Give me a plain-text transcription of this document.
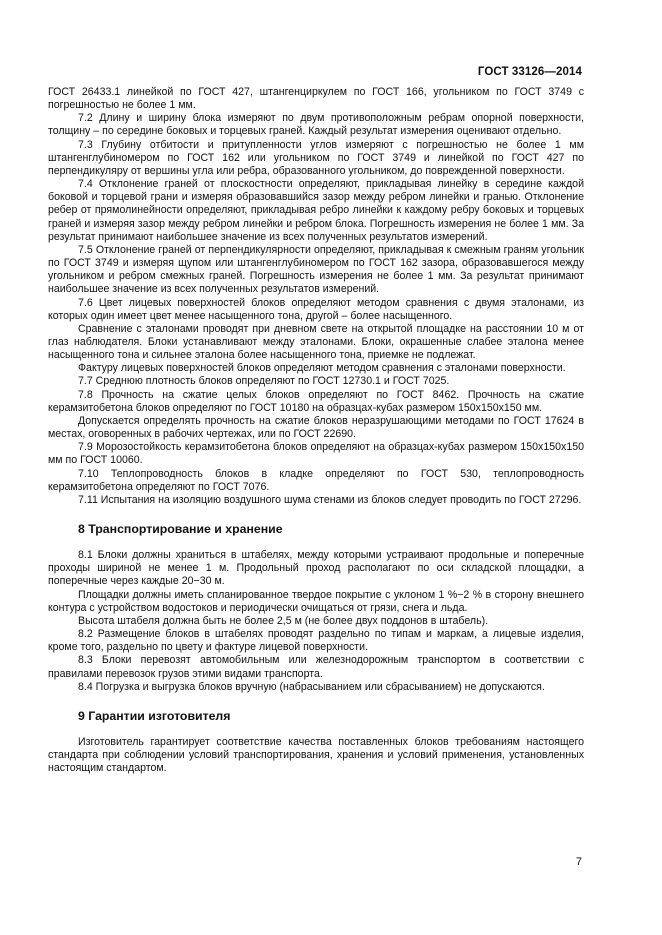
ГОСТ 33126—2014

ГОСТ 26433.1 линейкой по ГОСТ 427, штангенциркулем по ГОСТ 166, угольником по ГОСТ 3749 с погрешностью не более 1 мм.

7.2 Длину и ширину блока измеряют по двум противоположным ребрам опорной поверхности, толщину – по середине боковых и торцевых граней. Каждый результат измерения оценивают отдельно.

7.3 Глубину отбитости и притупленности углов измеряют с погрешностью не более 1 мм штангенглубиномером по ГОСТ 162 или угольником по ГОСТ 3749 и линейкой по ГОСТ 427 по перпендикуляру от вершины угла или ребра, образованного угольником, до поврежденной поверхности.

7.4 Отклонение граней от плоскостности определяют, прикладывая линейку в середине каждой боковой и торцевой грани и измеряя образовавшийся зазор между ребром линейки и гранью. Отклонение ребер от прямолинейности определяют, прикладывая ребро линейки к каждому ребру боковых и торцевых граней и измеряя зазор между ребром линейки и ребром блока. Погрешность измерения не более 1 мм. За результат принимают наибольшее значение из всех полученных результатов измерений.

7.5 Отклонение граней от перпендикулярности определяют, прикладывая к смежным граням угольник по ГОСТ 3749 и измеряя щупом или штангенглубиномером по ГОСТ 162 зазора, образовавшегося между угольником и ребром смежных граней. Погрешность измерения не более 1 мм. За результат принимают наибольшее значение из всех полученных результатов измерений.

7.6 Цвет лицевых поверхностей блоков определяют методом сравнения с двумя эталонами, из которых один имеет цвет менее насыщенного тона, другой – более насыщенного.

Сравнение с эталонами проводят при дневном свете на открытой площадке на расстоянии 10 м от глаз наблюдателя. Блоки устанавливают между эталонами. Блоки, окрашенные слабее эталона менее насыщенного тона и сильнее эталона более насыщенного тона, приемке не подлежат.

Фактуру лицевых поверхностей блоков определяют методом сравнения с эталонами поверхности.

7.7 Среднюю плотность блоков определяют по ГОСТ 12730.1 и ГОСТ 7025.

7.8 Прочность на сжатие целых блоков определяют по ГОСТ 8462. Прочность на сжатие керамзитобетона блоков определяют по ГОСТ 10180 на образцах-кубах размером 150х150х150 мм.

Допускается определять прочность на сжатие блоков неразрушающими методами по ГОСТ 17624 в местах, оговоренных в рабочих чертежах, или по ГОСТ 22690.

7.9 Морозостойкость керамзитобетона блоков определяют на образцах-кубах размером 150х150х150 мм по ГОСТ 10060.

7.10 Теплопроводность блоков в кладке определяют по ГОСТ 530, теплопроводность керамзитобетона определяют по ГОСТ 7076.

7.11 Испытания на изоляцию воздушного шума стенами из блоков следует проводить по ГОСТ 27296.

8 Транспортирование и хранение

8.1 Блоки должны храниться в штабелях, между которыми устраивают продольные и поперечные проходы шириной не менее 1 м. Продольный проход располагают по оси складской площадки, а поперечные через каждые 20−30 м.

Площадки должны иметь спланированное твердое покрытие с уклоном 1 %−2 % в сторону внешнего контура с устройством водостоков и периодически очищаться от грязи, снега и льда.

Высота штабеля должна быть не более 2,5 м (не более двух поддонов в штабель).

8.2 Размещение блоков в штабелях проводят раздельно по типам и маркам, а лицевые изделия, кроме того, раздельно по цвету и фактуре лицевой поверхности.

8.3 Блоки перевозят автомобильным или железнодорожным транспортом в соответствии с правилами перевозок грузов этими видами транспорта.

8.4 Погрузка и выгрузка блоков вручную (набрасыванием или сбрасыванием) не допускаются.

9 Гарантии изготовителя

Изготовитель гарантирует соответствие качества поставленных блоков требованиям настоящего стандарта при соблюдении условий транспортирования, хранения и условий применения, установленных настоящим стандартом.

7
